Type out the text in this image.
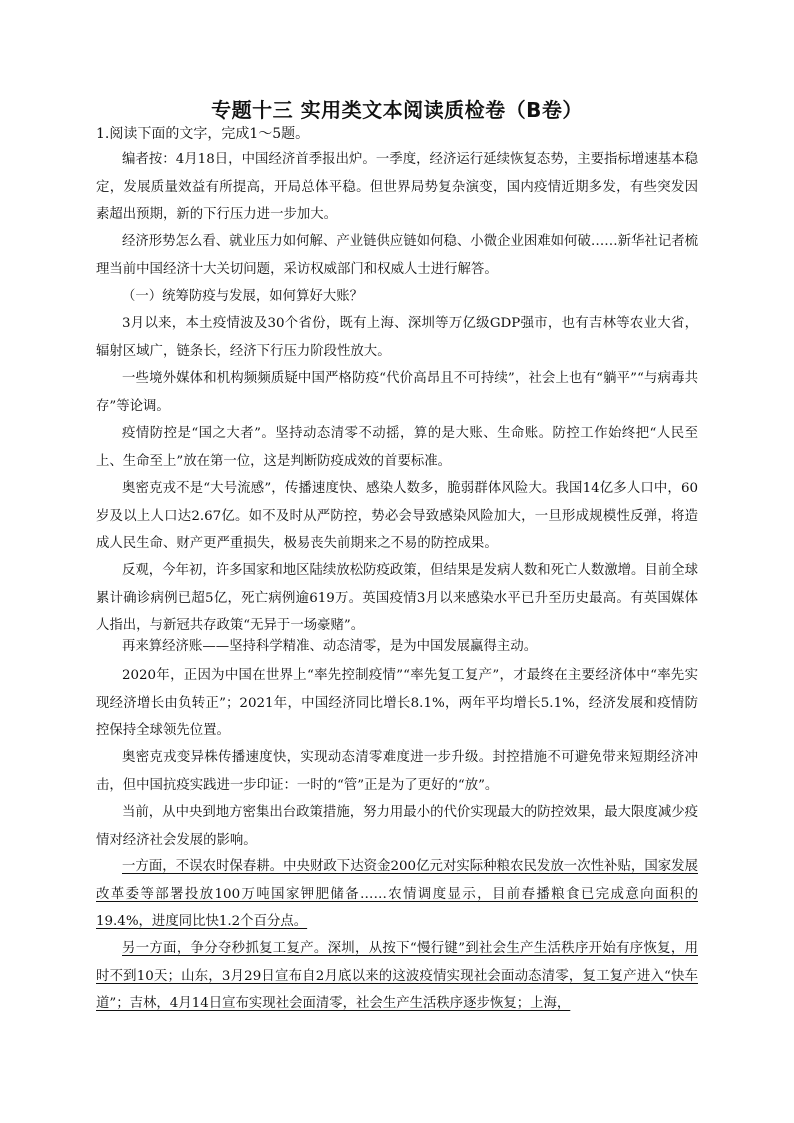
专题十三 实用类文本阅读质检卷（B卷）
1.阅读下面的文字，完成1～5题。

编者按：4月18日，中国经济首季报出炉。一季度，经济运行延续恢复态势，主要指标增速基本稳定，发展质量效益有所提高，开局总体平稳。但世界局势复杂演变，国内疫情近期多发，有些突发因素超出预期，新的下行压力进一步加大。

经济形势怎么看、就业压力如何解、产业链供应链如何稳、小微企业困难如何破……新华社记者梳理当前中国经济十大关切问题，采访权威部门和权威人士进行解答。

（一）统筹防疫与发展，如何算好大账？

3月以来，本土疫情波及30个省份，既有上海、深圳等万亿级GDP强市，也有吉林等农业大省，辐射区域广，链条长，经济下行压力阶段性放大。

一些境外媒体和机构频频质疑中国严格防疫“代价高昂且不可持续”，社会上也有“躺平”“与病毒共存”等论调。

疫情防控是“国之大者”。坚持动态清零不动摇，算的是大账、生命账。防控工作始终把“人民至上、生命至上”放在第一位，这是判断防疫成效的首要标准。

奥密克戎不是“大号流感”，传播速度快、感染人数多，脆弱群体风险大。我国14亿多人口中，60岁及以上人口达2.67亿。如不及时从严防控，势必会导致感染风险加大，一旦形成规模性反弹，将造成人民生命、财产更严重损失，极易丧失前期来之不易的防控成果。

反观，今年初，许多国家和地区陆续放松防疫政策，但结果是发病人数和死亡人数激增。目前全球累计确诊病例已超5亿，死亡病例逾619万。英国疫情3月以来感染水平已升至历史最高。有英国媒体人指出，与新冠共存政策“无异于一场豪赌”。

再来算经济账——坚持科学精准、动态清零，是为中国发展赢得主动。

2020年，正因为中国在世界上“率先控制疫情”“率先复工复产”，才最终在主要经济体中“率先实现经济增长由负转正”；2021年，中国经济同比增长8.1%，两年平均增长5.1%，经济发展和疫情防控保持全球领先位置。

奥密克戎变异株传播速度快，实现动态清零难度进一步升级。封控措施不可避免带来短期经济冲击，但中国抗疫实践进一步印证：一时的“管”正是为了更好的“放”。

当前，从中央到地方密集出台政策措施，努力用最小的代价实现最大的防控效果，最大限度减少疫情对经济社会发展的影响。

一方面，不误农时保春耕。中央财政下达资金200亿元对实际种粮农民发放一次性补贴，国家发展改革委等部署投放100万吨国家钾肥储备……农情调度显示，目前春播粮食已完成意向面积的19.4%，进度同比快1.2个百分点。

另一方面，争分夺秒抓复工复产。深圳，从按下“慢行键”到社会生产生活秩序开始有序恢复，用时不到10天；山东，3月29日宣布自2月底以来的这波疫情实现社会面动态清零，复工复产进入“快车道”；吉林，4月14日宣布实现社会面清零，社会生产生活秩序逐步恢复；上海，
